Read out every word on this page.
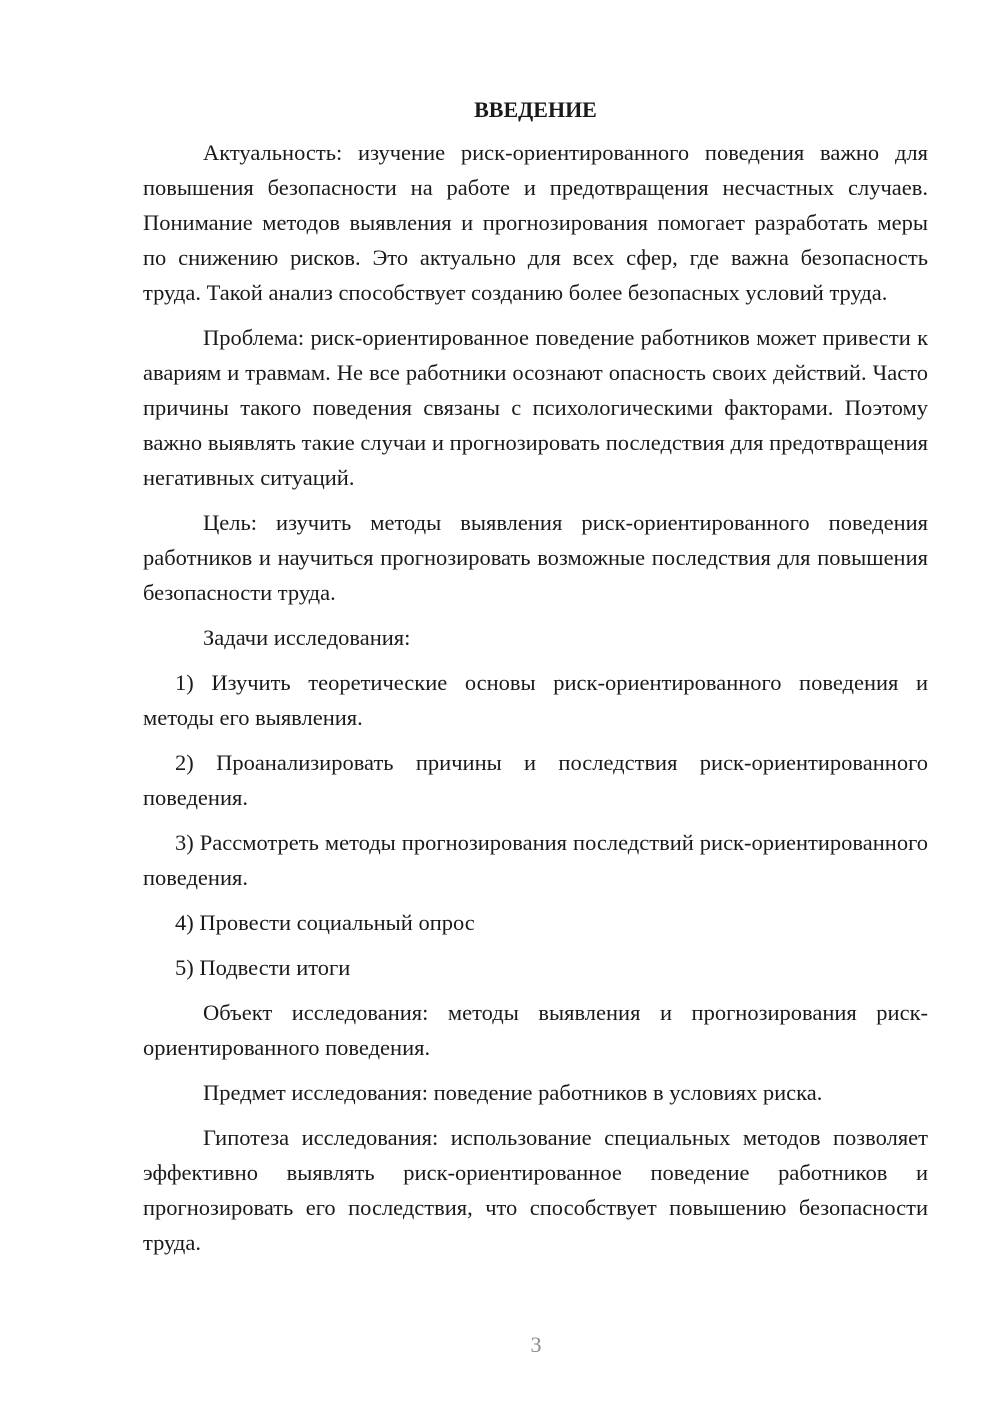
ВВЕДЕНИЕ

Актуальность: изучение риск-ориентированного поведения важно для повышения безопасности на работе и предотвращения несчастных случаев. Понимание методов выявления и прогнозирования помогает разработать меры по снижению рисков. Это актуально для всех сфер, где важна безопасность труда. Такой анализ способствует созданию более безопасных условий труда.

Проблема: риск-ориентированное поведение работников может привести к авариям и травмам. Не все работники осознают опасность своих действий. Часто причины такого поведения связаны с психологическими факторами. Поэтому важно выявлять такие случаи и прогнозировать последствия для предотвращения негативных ситуаций.

Цель: изучить методы выявления риск-ориентированного поведения работников и научиться прогнозировать возможные последствия для повышения безопасности труда.

Задачи исследования:

1) Изучить теоретические основы риск-ориентированного поведения и методы его выявления.

2) Проанализировать причины и последствия риск-ориентированного поведения.

3) Рассмотреть методы прогнозирования последствий риск-ориентированного поведения.

4) Провести социальный опрос

5) Подвести итоги

Объект исследования: методы выявления и прогнозирования риск-ориентированного поведения.

Предмет исследования: поведение работников в условиях риска.

Гипотеза исследования: использование специальных методов позволяет эффективно выявлять риск-ориентированное поведение работников и прогнозировать его последствия, что способствует повышению безопасности труда.

3
